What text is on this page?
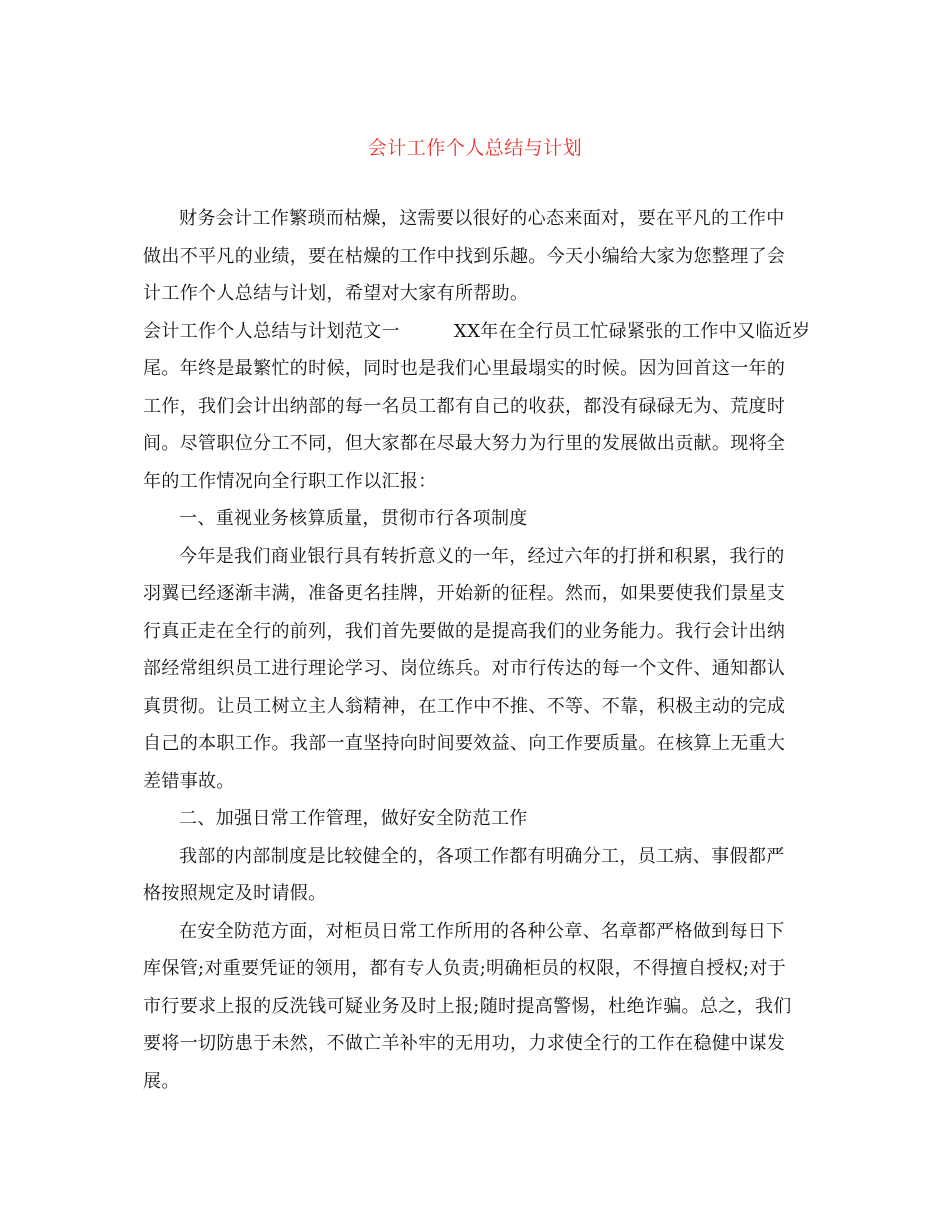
会计工作个人总结与计划
财务会计工作繁琐而枯燥，这需要以很好的心态来面对，要在平凡的工作中
做出不平凡的业绩，要在枯燥的工作中找到乐趣。今天小编给大家为您整理了会
计工作个人总结与计划，希望对大家有所帮助。
会计工作个人总结与计划范文一	XX年在全行员工忙碌紧张的工作中又临近岁
尾。年终是最繁忙的时候，同时也是我们心里最塌实的时候。因为回首这一年的
工作，我们会计出纳部的每一名员工都有自己的收获，都没有碌碌无为、荒度时
间。尽管职位分工不同，但大家都在尽最大努力为行里的发展做出贡献。现将全
年的工作情况向全行职工作以汇报：
一、重视业务核算质量，贯彻市行各项制度
今年是我们商业银行具有转折意义的一年，经过六年的打拼和积累，我行的
羽翼已经逐渐丰满，准备更名挂牌，开始新的征程。然而，如果要使我们景星支
行真正走在全行的前列，我们首先要做的是提高我们的业务能力。我行会计出纳
部经常组织员工进行理论学习、岗位练兵。对市行传达的每一个文件、通知都认
真贯彻。让员工树立主人翁精神，在工作中不推、不等、不靠，积极主动的完成
自己的本职工作。我部一直坚持向时间要效益、向工作要质量。在核算上无重大
差错事故。
二、加强日常工作管理，做好安全防范工作
我部的内部制度是比较健全的，各项工作都有明确分工，员工病、事假都严
格按照规定及时请假。
在安全防范方面，对柜员日常工作所用的各种公章、名章都严格做到每日下
库保管;对重要凭证的领用，都有专人负责;明确柜员的权限，不得擅自授权;对于
市行要求上报的反洗钱可疑业务及时上报;随时提高警惕，杜绝诈骗。总之，我们
要将一切防患于未然，不做亡羊补牢的无用功，力求使全行的工作在稳健中谋发
展。
